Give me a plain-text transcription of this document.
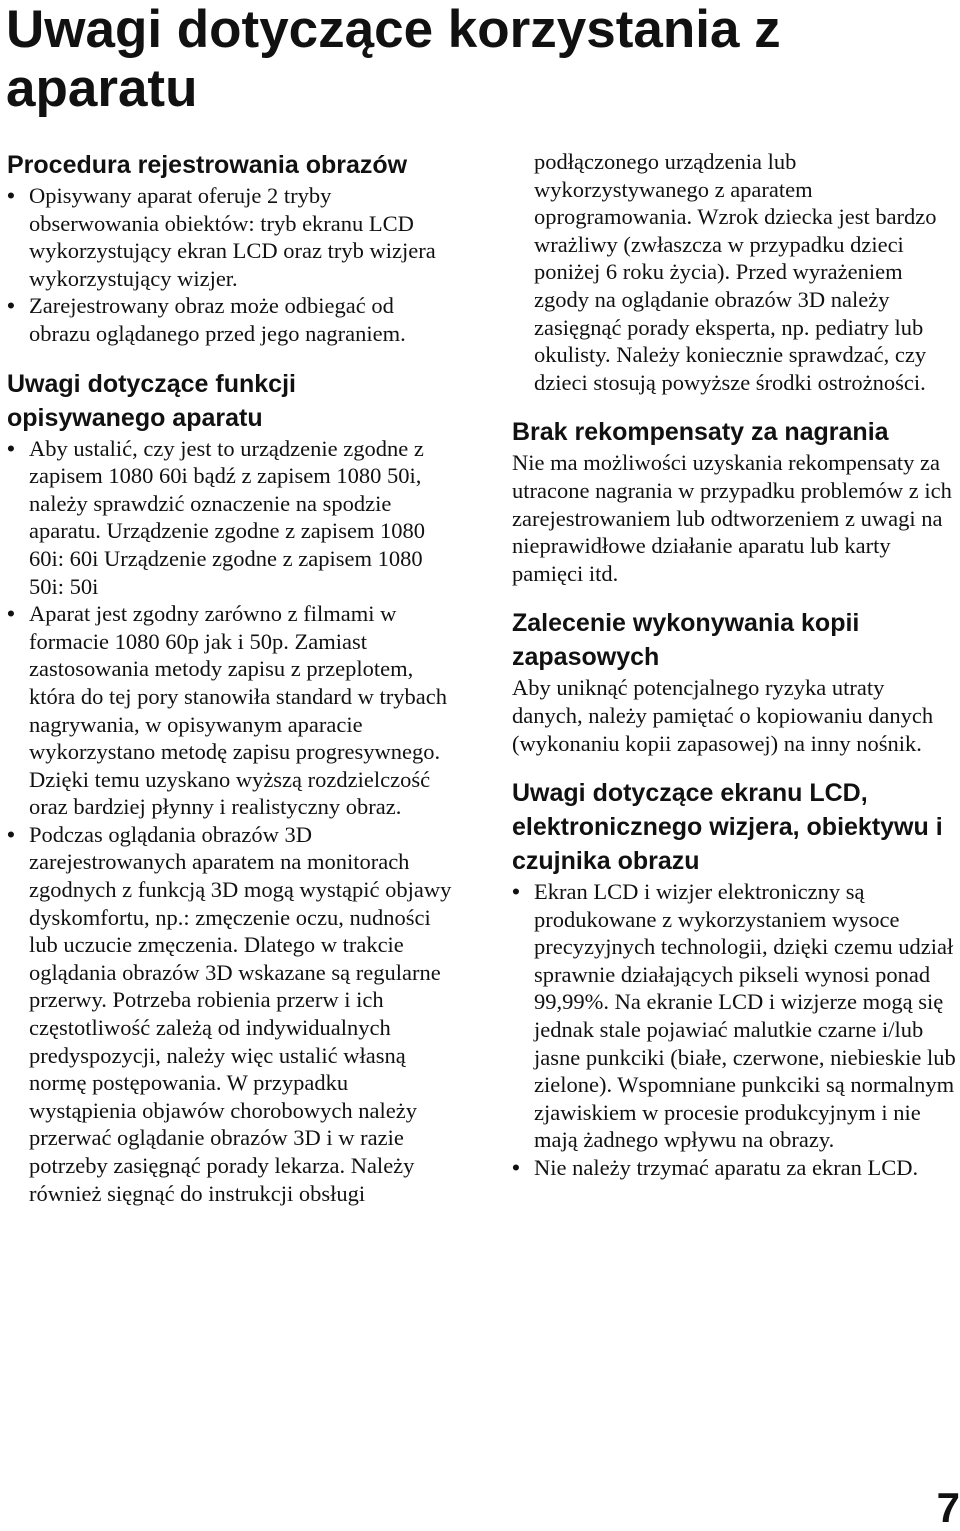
Uwagi dotyczące korzystania z
aparatu
Procedura rejestrowania obrazów
• Opisywany aparat oferuje 2 tryby obserwowania obiektów: tryb ekranu LCD wykorzystujący ekran LCD oraz tryb wizjera wykorzystujący wizjer.
• Zarejestrowany obraz może odbiegać od obrazu oglądanego przed jego nagraniem.
Uwagi dotyczące funkcji opisywanego aparatu
• Aby ustalić, czy jest to urządzenie zgodne z zapisem 1080 60i bądź z zapisem 1080 50i, należy sprawdzić oznaczenie na spodzie aparatu. Urządzenie zgodne z zapisem 1080 60i: 60i Urządzenie zgodne z zapisem 1080 50i: 50i
• Aparat jest zgodny zarówno z filmami w formacie 1080 60p jak i 50p. Zamiast zastosowania metody zapisu z przeplotem, która do tej pory stanowiła standard w trybach nagrywania, w opisywanym aparacie wykorzystano metodę zapisu progresywnego. Dzięki temu uzyskano wyższą rozdzielczość oraz bardziej płynny i realistyczny obraz.
• Podczas oglądania obrazów 3D zarejestrowanych aparatem na monitorach zgodnych z funkcją 3D mogą wystąpić objawy dyskomfortu, np.: zmęczenie oczu, nudności lub uczucie zmęczenia. Dlatego w trakcie oglądania obrazów 3D wskazane są regularne przerwy. Potrzeba robienia przerw i ich częstotliwość zależą od indywidualnych predyspozycji, należy więc ustalić własną normę postępowania. W przypadku wystąpienia objawów chorobowych należy przerwać oglądanie obrazów 3D i w razie potrzeby zasięgnąć porady lekarza. Należy również sięgnąć do instrukcji obsługi

podłączonego urządzenia lub wykorzystywanego z aparatem oprogramowania. Wzrok dziecka jest bardzo wrażliwy (zwłaszcza w przypadku dzieci poniżej 6 roku życia). Przed wyrażeniem zgody na oglądanie obrazów 3D należy zasięgnąć porady eksperta, np. pediatry lub okulisty. Należy koniecznie sprawdzać, czy dzieci stosują powyższe środki ostrożności.

Brak rekompensaty za nagrania

Nie ma możliwości uzyskania rekompensaty za utracone nagrania w przypadku problemów z ich zarejestrowaniem lub odtworzeniem z uwagi na nieprawidłowe działanie aparatu lub karty pamięci itd.

Zalecenie wykonywania kopii zapasowych

Aby uniknąć potencjalnego ryzyka utraty danych, należy pamiętać o kopiowaniu danych (wykonaniu kopii zapasowej) na inny nośnik.

Uwagi dotyczące ekranu LCD, elektronicznego wizjera, obiektywu i czujnika obrazu
• Ekran LCD i wizjer elektroniczny są produkowane z wykorzystaniem wysoce precyzyjnych technologii, dzięki czemu udział sprawnie działających pikseli wynosi ponad 99,99%. Na ekranie LCD i wizjerze mogą się jednak stale pojawiać malutkie czarne i/lub jasne punkciki (białe, czerwone, niebieskie lub zielone). Wspomniane punkciki są normalnym zjawiskiem w procesie produkcyjnym i nie mają żadnego wpływu na obrazy.
• Nie należy trzymać aparatu za ekran LCD.
7
